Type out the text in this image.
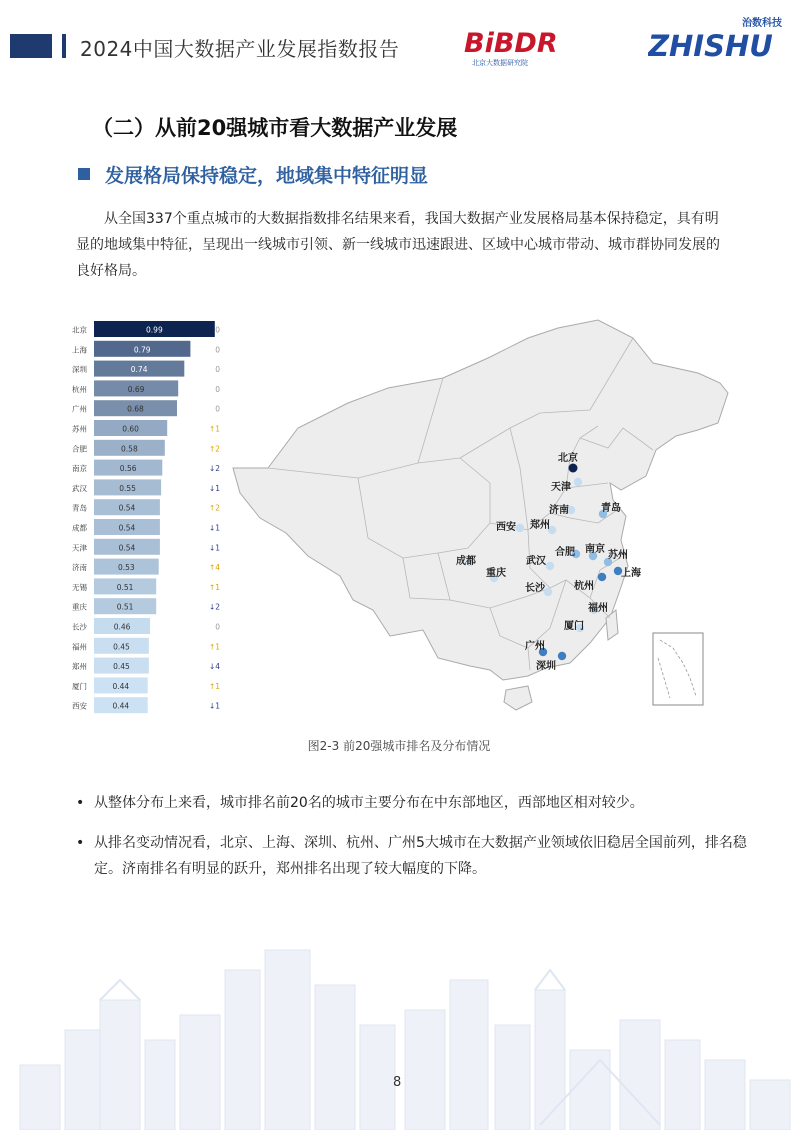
2024中国大数据产业发展指数报告 BiBDR
北京大数据研究院
治数科技
ZHISHU
（二）从前20强城市看大数据产业发展
发展格局保持稳定，地域集中特征明显
从全国337个重点城市的大数据指数排名结果来看，我国大数据产业发展格局基本保持稳定，具有明显的地域集中特征，呈现出一线城市引领、新一线城市迅速跟进、区域中心城市带动、城市群协同发展的良好格局。
北京	0.99	0
上海	0.79	0
深圳	0.74	0
杭州	0.69	0
广州	0.68	0
苏州	0.60	↑1
合肥	0.58	↑2
南京	0.56	↓2
武汉	0.55	↓1
青岛	0.54	↑2
成都	0.54	↓1
天津	0.54	↓1
济南	0.53	↑4
无锡	0.51	↑1
重庆	0.51	↓2
长沙	0.46	0
福州	0.45	↑1
郑州	0.45	↓4
厦门	0.44	↑1
西安	0.44	↓1
北京
天津
济南	青岛
西安 郑州
南京
苏州
合肥
武汉
成都
重庆	上海
长沙	杭州
福州
厦门
广州
深圳
图2-3 前20强城市排名及分布情况
• 从整体分布上来看，城市排名前20名的城市主要分布在中东部地区，西部地区相对较少。
• 从排名变动情况看，北京、上海、深圳、杭州、广州5大城市在大数据产业领域依旧稳居全国前列，排名稳定。济南排名有明显的跃升，郑州排名出现了较大幅度的下降。
8
